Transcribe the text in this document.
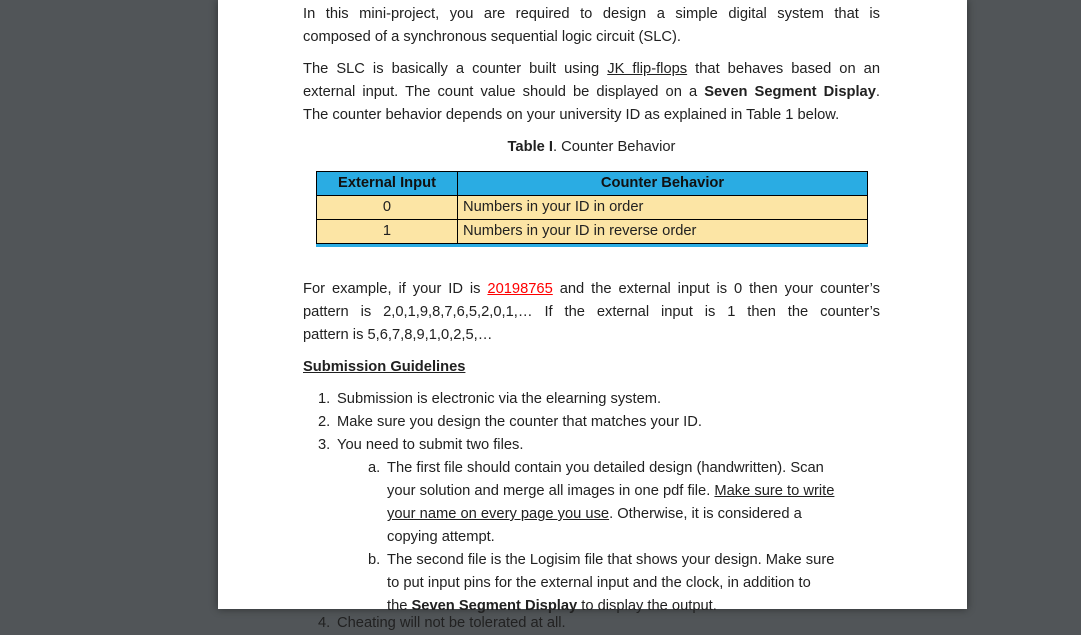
In this mini-project, you are required to design a simple digital system that is
composed of a synchronous sequential logic circuit (SLC).
The SLC is basically a counter built using JK flip-flops that behaves based on an
external input. The count value should be displayed on a Seven Segment Display.
The counter behavior depends on your university ID as explained in Table 1 below.
Table I. Counter Behavior
External Input	Counter Behavior
0	Numbers in your ID in order
1	Numbers in your ID in reverse order
For example, if your ID is 20198765 and the external input is 0 then your counter’s
pattern is 2,0,1,9,8,7,6,5,2,0,1,… If the external input is 1 then the counter’s
pattern is 5,6,7,8,9,1,0,2,5,…
Submission Guidelines
1. Submission is electronic via the elearning system.
2. Make sure you design the counter that matches your ID.
3. You need to submit two files.
a. The first file should contain you detailed design (handwritten). Scan
your solution and merge all images in one pdf file. Make sure to write
your name on every page you use. Otherwise, it is considered a
copying attempt.
b. The second file is the Logisim file that shows your design. Make sure
to put input pins for the external input and the clock, in addition to
the Seven Segment Display to display the output.
4. Cheating will not be tolerated at all.
